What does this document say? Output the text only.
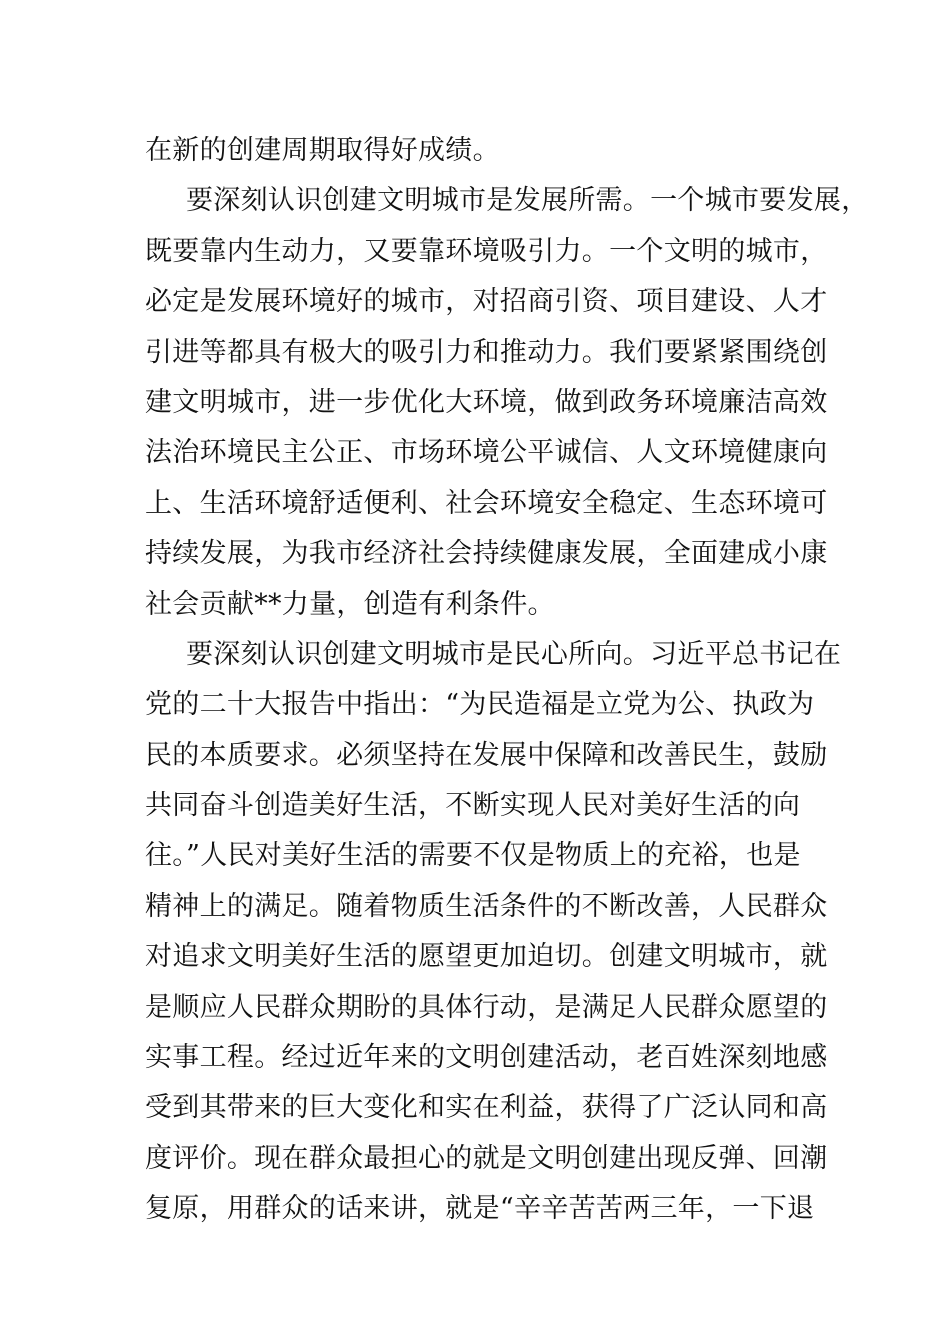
在新的创建周期取得好成绩。
要深刻认识创建文明城市是发展所需。一个城市要发展，
既要靠内生动力，又要靠环境吸引力。一个文明的城市，
必定是发展环境好的城市，对招商引资、项目建设、人才
引进等都具有极大的吸引力和推动力。我们要紧紧围绕创
建文明城市，进一步优化大环境，做到政务环境廉洁高效
法治环境民主公正、市场环境公平诚信、人文环境健康向
上、生活环境舒适便利、社会环境安全稳定、生态环境可
持续发展，为我市经济社会持续健康发展，全面建成小康
社会贡献**力量，创造有利条件。
要深刻认识创建文明城市是民心所向。习近平总书记在
党的二十大报告中指出：“为民造福是立党为公、执政为
民的本质要求。必须坚持在发展中保障和改善民生，鼓励
共同奋斗创造美好生活，不断实现人民对美好生活的向
往。”人民对美好生活的需要不仅是物质上的充裕，也是
精神上的满足。随着物质生活条件的不断改善，人民群众
对追求文明美好生活的愿望更加迫切。创建文明城市，就
是顺应人民群众期盼的具体行动，是满足人民群众愿望的
实事工程。经过近年来的文明创建活动，老百姓深刻地感
受到其带来的巨大变化和实在利益，获得了广泛认同和高
度评价。现在群众最担心的就是文明创建出现反弹、回潮
复原，用群众的话来讲，就是“辛辛苦苦两三年，一下退
